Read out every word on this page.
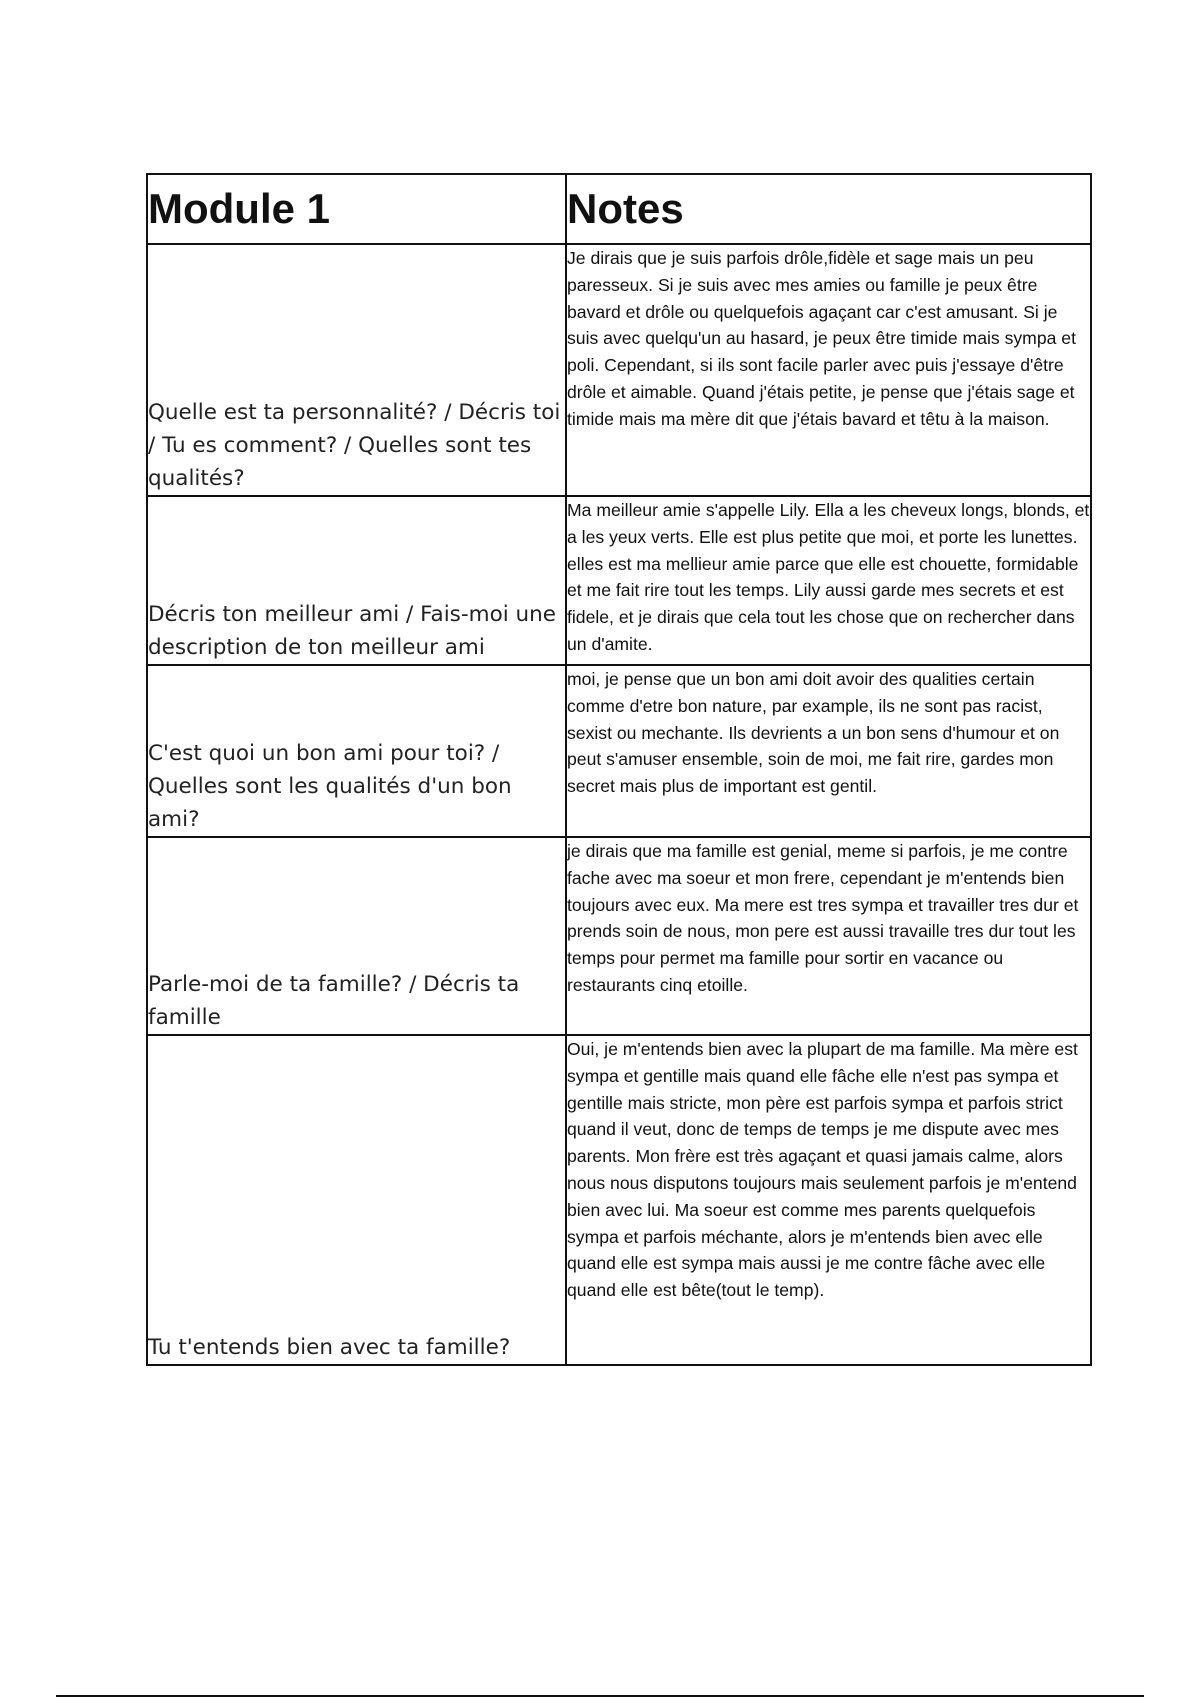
Module 1	Notes
Quelle est ta personnalité? / Décris toi / Tu es comment? / Quelles sont tes qualités?	Je dirais que je suis parfois drôle,fidèle et sage mais un peu paresseux. Si je suis avec mes amies ou famille je peux être bavard et drôle ou quelquefois agaçant car c'est amusant. Si je suis avec quelqu'un au hasard, je peux être timide mais sympa et poli. Cependant, si ils sont facile parler avec puis j'essaye d'être drôle et aimable. Quand j'étais petite, je pense que j'étais sage et timide mais ma mère dit que j'étais bavard et têtu à la maison.
Décris ton meilleur ami / Fais-moi une description de ton meilleur ami	Ma meilleur amie s'appelle Lily. Ella a les cheveux longs, blonds, et a les yeux verts. Elle est plus petite que moi, et porte les lunettes. elles est ma mellieur amie parce que elle est chouette, formidable et me fait rire tout les temps. Lily aussi garde mes secrets et est fidele, et je dirais que cela tout les chose que on rechercher dans un d'amite.
C'est quoi un bon ami pour toi? / Quelles sont les qualités d'un bon ami?	moi, je pense que un bon ami doit avoir des qualities certain comme d'etre bon nature, par example, ils ne sont pas racist, sexist ou mechante. Ils devrients a un bon sens d'humour et on peut s'amuser ensemble, soin de moi, me fait rire, gardes mon secret mais plus de important est gentil.
Parle-moi de ta famille? / Décris ta famille	je dirais que ma famille est genial, meme si parfois, je me contre fache avec ma soeur et mon frere, cependant je m'entends bien toujours avec eux. Ma mere est tres sympa et travailler tres dur et prends soin de nous, mon pere est aussi travaille tres dur tout les temps pour permet ma famille pour sortir en vacance ou restaurants cinq etoille.
Tu t'entends bien avec ta famille?	Oui, je m'entends bien avec la plupart de ma famille. Ma mère est sympa et gentille mais quand elle fâche elle n'est pas sympa et gentille mais stricte, mon père est parfois sympa et parfois strict quand il veut, donc de temps de temps je me dispute avec mes parents. Mon frère est très agaçant et quasi jamais calme, alors nous nous disputons toujours mais seulement parfois je m'entend bien avec lui. Ma soeur est comme mes parents quelquefois sympa et parfois méchante, alors je m'entends bien avec elle quand elle est sympa mais aussi je me contre fâche avec elle quand elle est bête(tout le temp).
